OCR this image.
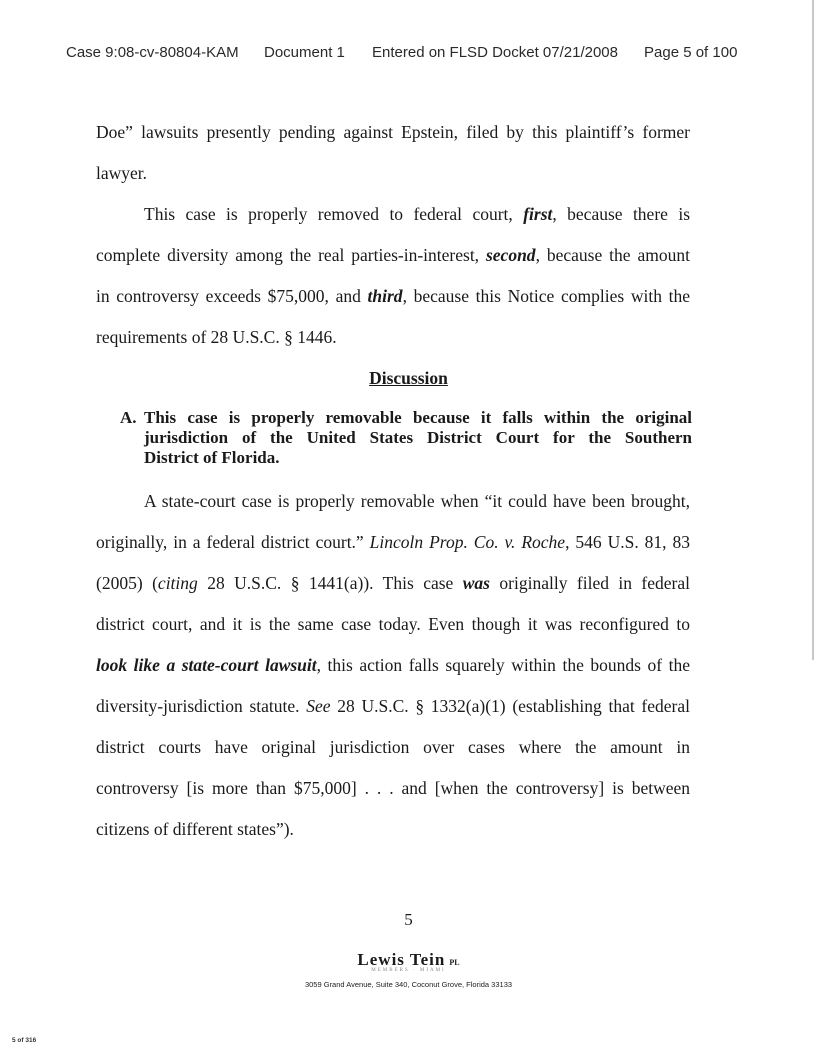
Case 9:08-cv-80804-KAM Document 1 Entered on FLSD Docket 07/21/2008 Page 5 of 100
Doe” lawsuits presently pending against Epstein, filed by this plaintiff’s former
lawyer.
This case is properly removed to federal court, first, because there is
complete diversity among the real parties-in-interest, second, because the amount
in controversy exceeds $75,000, and third, because this Notice complies with the
requirements of 28 U.S.C. § 1446.
Discussion
A. This case is properly removable because it falls within the original
jurisdiction of the United States District Court for the Southern
District of Florida.
A state-court case is properly removable when “it could have been brought,
originally, in a federal district court.” Lincoln Prop. Co. v. Roche, 546 U.S. 81, 83
(2005) (citing 28 U.S.C. § 1441(a)). This case was originally filed in federal
district court, and it is the same case today. Even though it was reconfigured to
look like a state-court lawsuit, this action falls squarely within the bounds of the
diversity-jurisdiction statute. See 28 U.S.C. § 1332(a)(1) (establishing that federal
district courts have original jurisdiction over cases where the amount in
controversy [is more than $75,000] . . . and [when the controversy] is between
citizens of different states”).
5
Lewis Tein PL
MEMBERS · MIAMI
3059 Grand Avenue, Suite 340, Coconut Grove, Florida 33133
5 of 316
